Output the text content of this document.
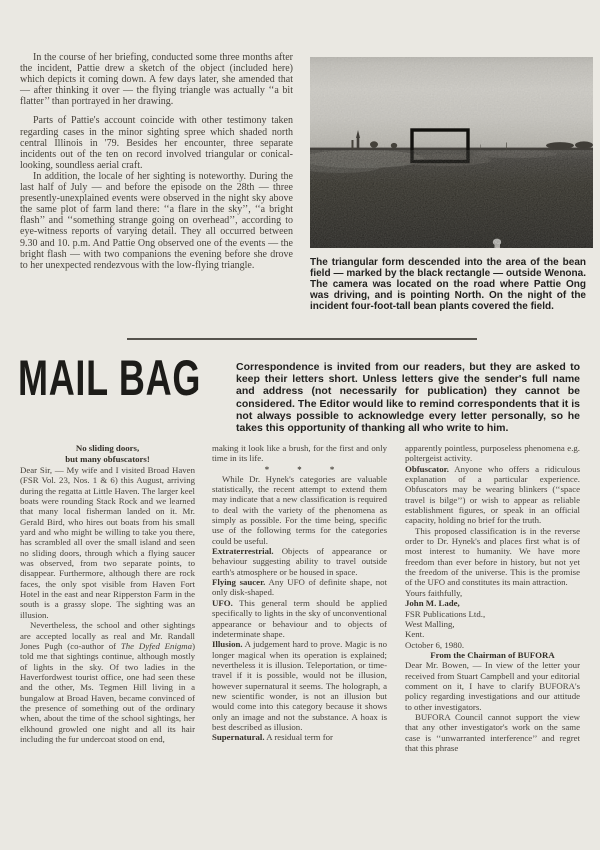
In the course of her briefing, conducted some three months after the incident, Pattie drew a sketch of the object (included here) which depicts it coming down. A few days later, she amended that — after thinking it over — the flying triangle was actually ‘‘a bit flatter’’ than portrayed in her drawing.

Parts of Pattie's account coincide with other testimony taken regarding cases in the minor sighting spree which shaded north central Illinois in '79. Besides her encounter, three separate incidents out of the ten on record involved triangular or conical-looking, soundless aerial craft.

In addition, the locale of her sighting is noteworthy. During the last half of July — and before the episode on the 28th — three presently-unexplained events were observed in the night sky above the same plot of farm land there: ‘‘a flare in the sky’’, ‘‘a bright flash’’ and ‘‘something strange going on overhead’’, according to eye-witness reports of varying detail. They all occurred between 9.30 and 10. p.m. And Pattie Ong observed one of the events — the bright flash — with two companions the evening before she drove to her unexpected rendezvous with the low-flying triangle.	The triangular form descended into the area of the bean field — marked by the black rectangle — outside Wenona. The camera was located on the road where Pattie Ong was driving, and is pointing North. On the night of the incident four-foot-tall bean plants covered the field.
MAIL BAG	Correspondence is invited from our readers, but they are asked to keep their letters short. Unless letters give the sender's full name and address (not necessarily for publication) they cannot be considered. The Editor would like to remind correspondents that it is not always possible to acknowledge every letter personally, so he takes this opportunity of thanking all who write to him.

No sliding doors,
but many obfuscators!

Dear Sir, — My wife and I visited Broad Haven (FSR Vol. 23, Nos. 1 & 6) this August, arriving during the regatta at Little Haven. The larger keel boats were rounding Stack Rock and we learned that many local fisherman landed on it. Mr. Gerald Bird, who hires out boats from his small yard and who might be willing to take you there, has scrambled all over the small island and seen no sliding doors, through which a flying saucer was observed, from two separate points, to disappear. Furthermore, although there are rock faces, the only spot visible from Haven Fort Hotel in the east and near Ripperston Farm in the south is a grassy slope. The sighting was an illusion.

Nevertheless, the school and other sightings are accepted locally as real and Mr. Randall Jones Pugh (co-author of The Dyfed Enigma) told me that sightings continue, although mostly of lights in the sky. Of two ladies in the Haverfordwest tourist office, one had seen these and the other, Ms. Tegmen Hill living in a bungalow at Broad Haven, became convinced of the presence of something out of the ordinary when, about the time of the school sightings, her elkhound growled one night and all its hair including the fur undercoat stood on end,

making it look like a brush, for the first and only time in its life.

* * *

While Dr. Hynek's categories are valuable statistically, the recent attempt to extend them may indicate that a new classification is required to deal with the variety of the phenomena as simply as possible. For the time being, specific use of the following terms for the categories could be useful.

Extraterrestrial. Objects of appearance or behaviour suggesting ability to travel outside earth's atmosphere or be housed in space.

Flying saucer. Any UFO of definite shape, not only disk-shaped.

UFO. This general term should be applied specifically to lights in the sky of unconventional appearance or behaviour and to objects of indeterminate shape.

Illusion. A judgement hard to prove. Magic is no longer magical when its operation is explained; nevertheless it is illusion. Teleportation, or time-travel if it is possible, would not be illusion, however supernatural it seems. The holograph, a new scientific wonder, is not an illusion but would come into this category because it shows only an image and not the substance. A hoax is best described as illusion.

Supernatural. A residual term for

apparently pointless, purposeless phenomena e.g. poltergeist activity.

Obfuscator. Anyone who offers a ridiculous explanation of a particular experience. Obfuscators may be wearing blinkers (‘‘space travel is bilge’’) or wish to appear as reliable establishment figures, or speak in an official capacity, holding no brief for the truth.

This proposed classification is in the reverse order to Dr. Hynek's and places first what is of most interest to humanity. We have more freedom than ever before in history, but not yet the freedom of the universe. This is the promise of the UFO and constitutes its main attraction.

Yours faithfully,

John M. Lade,

FSR Publications Ltd.,

West Malling,

Kent.

October 6, 1980.

From the Chairman of BUFORA

Dear Mr. Bowen, — In view of the letter your received from Stuart Campbell and your editorial comment on it, I have to clarify BUFORA's policy regarding investigations and our attitude to other investigators.

BUFORA Council cannot support the view that any other investigator's work on the same case is ‘‘unwarranted interference’’ and regret that this phrase
